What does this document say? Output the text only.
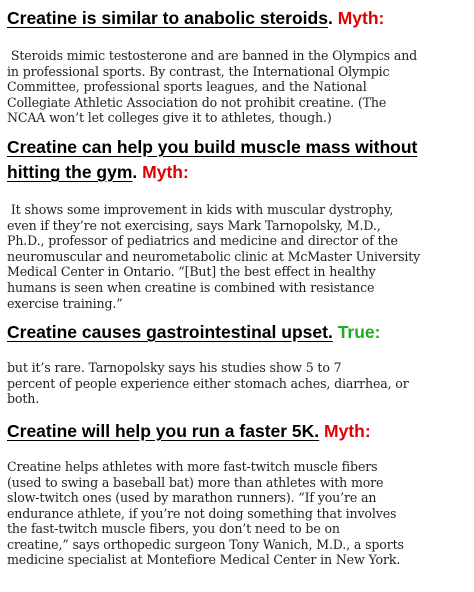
Creatine is similar to anabolic steroids. Myth:

Steroids mimic testosterone and are banned in the Olympics and
in professional sports. By contrast, the International Olympic
Committee, professional sports leagues, and the National
Collegiate Athletic Association do not prohibit creatine. (The
NCAA won’t let colleges give it to athletes, though.)

Creatine can help you build muscle mass without hitting the gym. Myth:

It shows some improvement in kids with muscular dystrophy,
even if they’re not exercising, says Mark Tarnopolsky, M.D.,
Ph.D., professor of pediatrics and medicine and director of the
neuromuscular and neurometabolic clinic at McMaster University
Medical Center in Ontario. “[But] the best effect in healthy
humans is seen when creatine is combined with resistance
exercise training.”

Creatine causes gastrointestinal upset. True:

but it’s rare. Tarnopolsky says his studies show 5 to 7
percent of people experience either stomach aches, diarrhea, or
both.

Creatine will help you run a faster 5K. Myth:

Creatine helps athletes with more fast-twitch muscle fibers
(used to swing a baseball bat) more than athletes with more
slow-twitch ones (used by marathon runners). “If you’re an
endurance athlete, if you’re not doing something that involves
the fast-twitch muscle fibers, you don’t need to be on
creatine,” says orthopedic surgeon Tony Wanich, M.D., a sports
medicine specialist at Montefiore Medical Center in New York.
